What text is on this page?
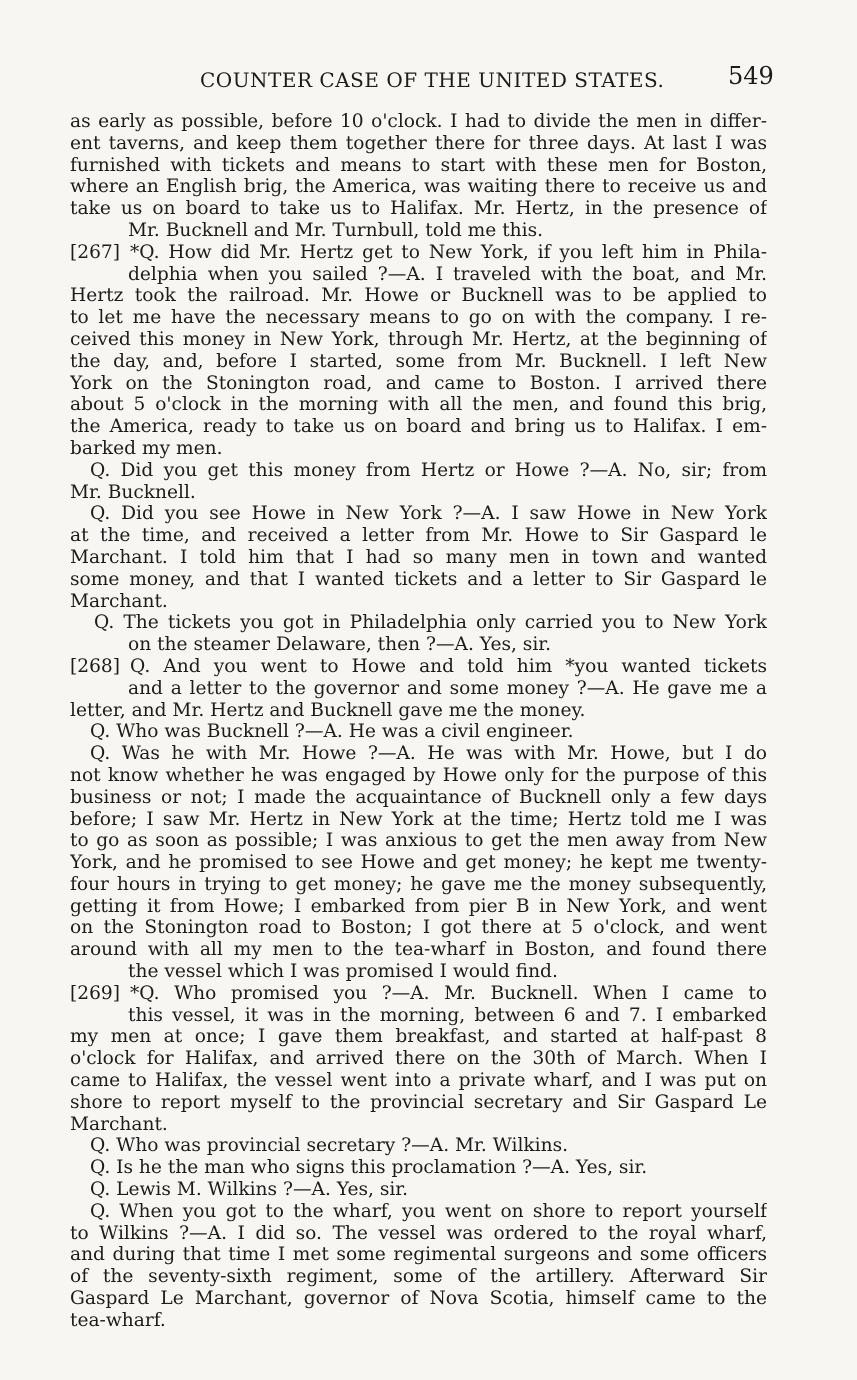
COUNTER CASE OF THE UNITED STATES.	549
as early as possible, before 10 o'clock. I had to divide the men in differ-
ent taverns, and keep them together there for three days. At last I was
furnished with tickets and means to start with these men for Boston,
where an English brig, the America, was waiting there to receive us and
take us on board to take us to Halifax. Mr. Hertz, in the presence of
Mr. Bucknell and Mr. Turnbull, told me this.
[267] *Q. How did Mr. Hertz get to New York, if you left him in Phila-
delphia when you sailed ?—A. I traveled with the boat, and Mr.
Hertz took the railroad. Mr. Howe or Bucknell was to be applied to
to let me have the necessary means to go on with the company. I re-
ceived this money in New York, through Mr. Hertz, at the beginning of
the day, and, before I started, some from Mr. Bucknell. I left New
York on the Stonington road, and came to Boston. I arrived there
about 5 o'clock in the morning with all the men, and found this brig,
the America, ready to take us on board and bring us to Halifax. I em-
barked my men.
Q. Did you get this money from Hertz or Howe ?—A. No, sir; from
Mr. Bucknell.
Q. Did you see Howe in New York ?—A. I saw Howe in New York
at the time, and received a letter from Mr. Howe to Sir Gaspard le
Marchant. I told him that I had so many men in town and wanted
some money, and that I wanted tickets and a letter to Sir Gaspard le
Marchant.
Q. The tickets you got in Philadelphia only carried you to New York
on the steamer Delaware, then ?—A. Yes, sir.
[268] Q. And you went to Howe and told him *you wanted tickets
and a letter to the governor and some money ?—A. He gave me a
letter, and Mr. Hertz and Bucknell gave me the money.
Q. Who was Bucknell ?—A. He was a civil engineer.
Q. Was he with Mr. Howe ?—A. He was with Mr. Howe, but I do
not know whether he was engaged by Howe only for the purpose of this
business or not; I made the acquaintance of Bucknell only a few days
before; I saw Mr. Hertz in New York at the time; Hertz told me I was
to go as soon as possible; I was anxious to get the men away from New
York, and he promised to see Howe and get money; he kept me twenty-
four hours in trying to get money; he gave me the money subsequently,
getting it from Howe; I embarked from pier B in New York, and went
on the Stonington road to Boston; I got there at 5 o'clock, and went
around with all my men to the tea-wharf in Boston, and found there
the vessel which I was promised I would find.
[269] *Q. Who promised you ?—A. Mr. Bucknell. When I came to
this vessel, it was in the morning, between 6 and 7. I embarked
my men at once; I gave them breakfast, and started at half-past 8
o'clock for Halifax, and arrived there on the 30th of March. When I
came to Halifax, the vessel went into a private wharf, and I was put on
shore to report myself to the provincial secretary and Sir Gaspard Le
Marchant.
Q. Who was provincial secretary ?—A. Mr. Wilkins.
Q. Is he the man who signs this proclamation ?—A. Yes, sir.
Q. Lewis M. Wilkins ?—A. Yes, sir.
Q. When you got to the wharf, you went on shore to report yourself
to Wilkins ?—A. I did so. The vessel was ordered to the royal wharf,
and during that time I met some regimental surgeons and some officers
of the seventy-sixth regiment, some of the artillery. Afterward Sir
Gaspard Le Marchant, governor of Nova Scotia, himself came to the
tea-wharf.
